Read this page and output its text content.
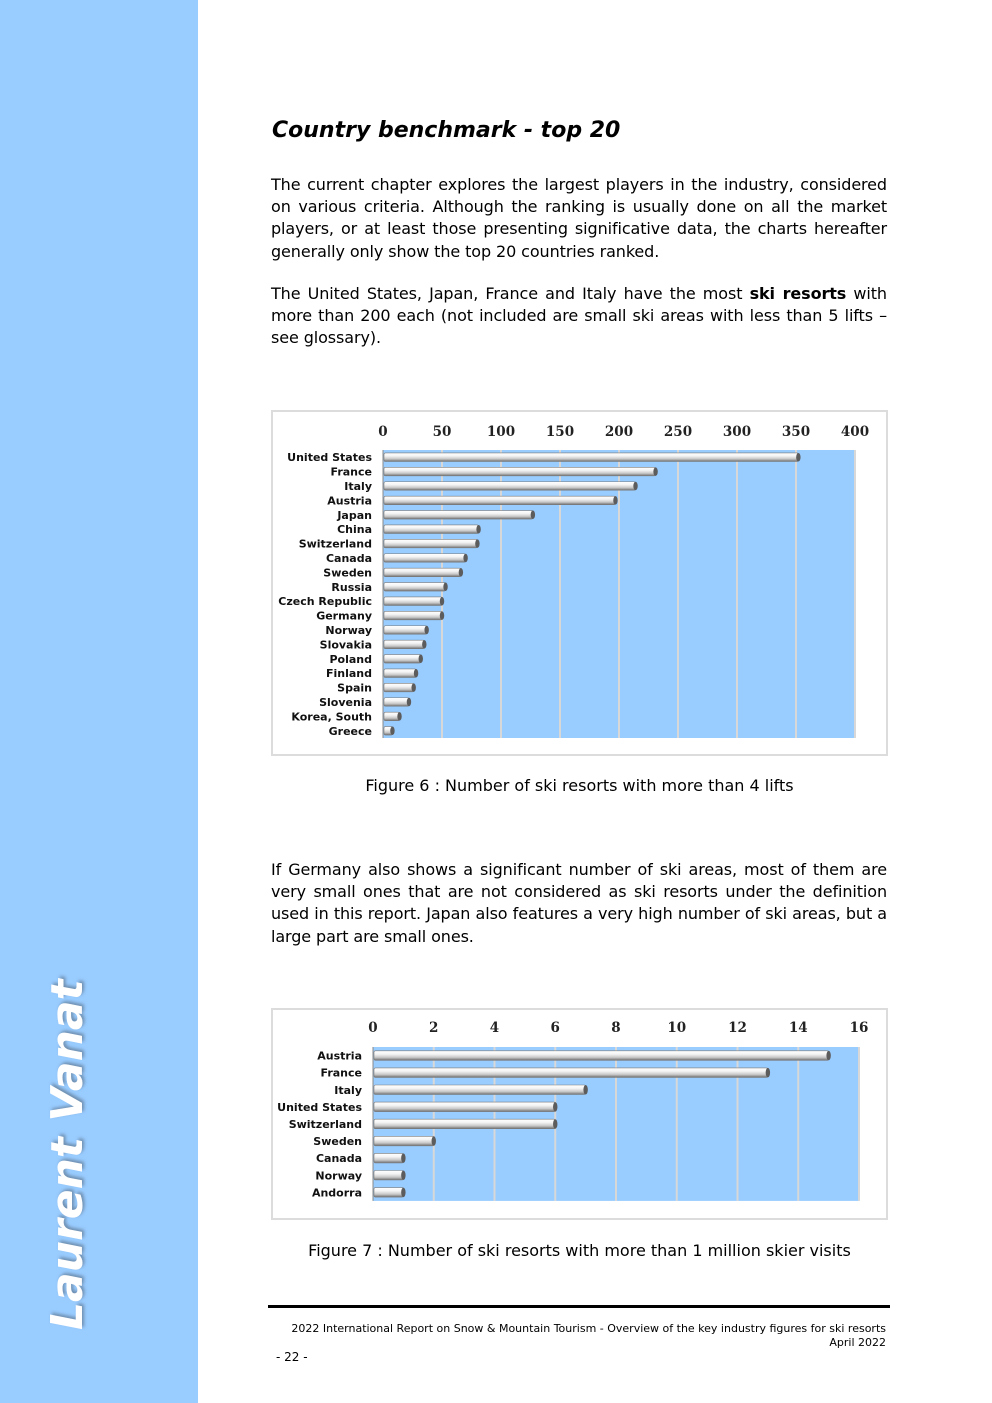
Laurent Vanat
Country benchmark - top 20

The current chapter explores the largest players in the industry, considered on various criteria. Although the ranking is usually done on all the market players, or at least those presenting significative data, the charts hereafter generally only show the top 20 countries ranked.

The United States, Japan, France and Italy have the most ski resorts with more than 200 each (not included are small ski areas with less than 5 lifts – see glossary).

0	50	100 150 200 250 300 350 400
United States
France
Italy
Austria
Japan
China
Switzerland
Canada
Sweden
Russia
Czech Republic
Germany
Norway
Slovakia
Poland
Finland
Spain
Slovenia
Korea, South
Greece

Figure 6 : Number of ski resorts with more than 4 lifts

If Germany also shows a significant number of ski areas, most of them are very small ones that are not considered as ski resorts under the definition used in this report. Japan also features a very high number of ski areas, but a large part are small ones.

0	2	4	6	8	10	12	14	16
Austria
France
Italy
United States
Switzerland
Sweden
Canada
Norway
Andorra

Figure 7 : Number of ski resorts with more than 1 million skier visits

2022 International Report on Snow & Mountain Tourism - Overview of the key industry figures for ski resorts
April 2022
- 22 -
